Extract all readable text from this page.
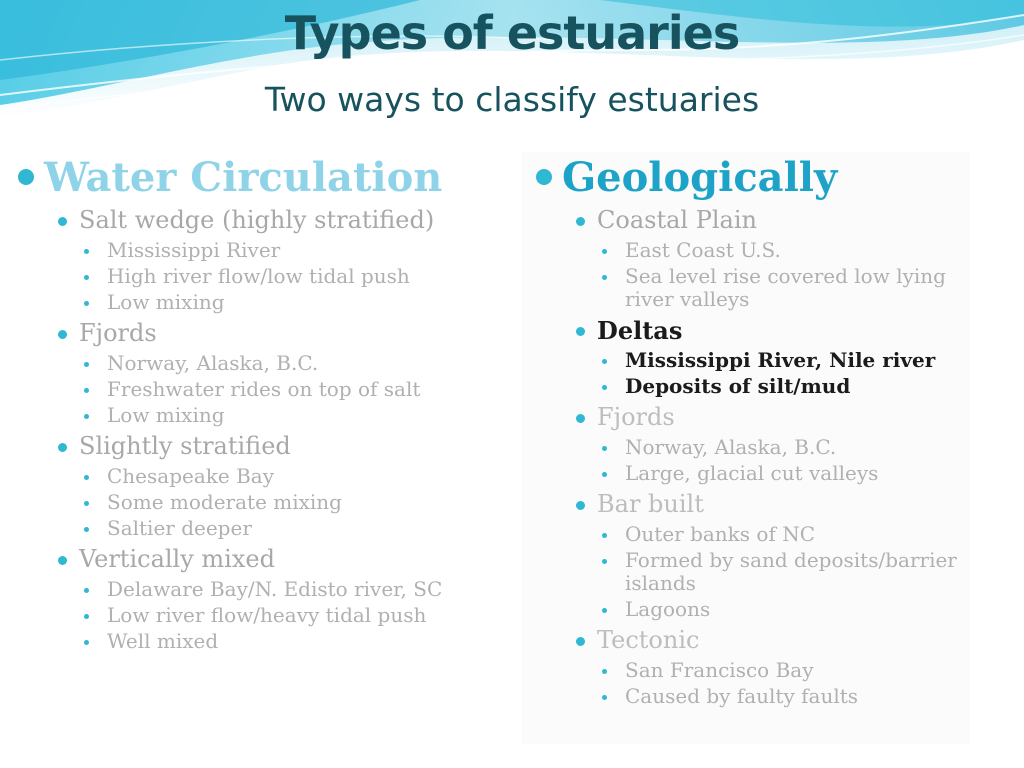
Types of estuaries
Two ways to classify estuaries
Water Circulation
Salt wedge (highly stratified)
Mississippi River
High river flow/low tidal push
Low mixing
Fjords
Norway, Alaska, B.C.
Freshwater rides on top of salt
Low mixing
Slightly stratified
Chesapeake Bay
Some moderate mixing
Saltier deeper
Vertically mixed
Delaware Bay/N. Edisto river, SC
Low river flow/heavy tidal push
Well mixed
Geologically
Coastal Plain
East Coast U.S.
Sea level rise covered low lying river valleys
Deltas
Mississippi River, Nile river
Deposits of silt/mud
Fjords
Norway, Alaska, B.C.
Large, glacial cut valleys
Bar built
Outer banks of NC
Formed by sand deposits/barrier islands
Lagoons
Tectonic
San Francisco Bay
Caused by faulty faults
